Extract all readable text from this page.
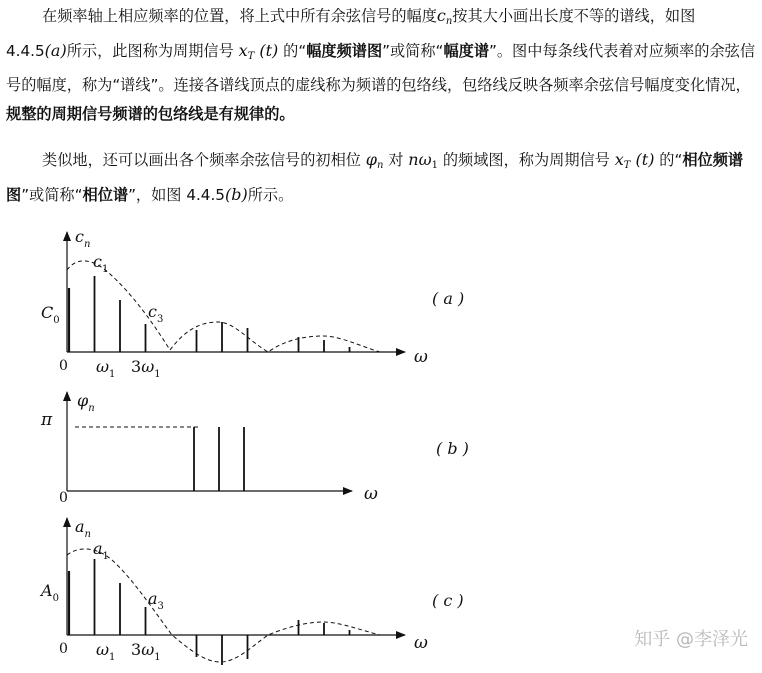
在频率轴上相应频率的位置，将上式中所有余弦信号的幅度$c_n$按其大小画出长度不等的谱线，如图 4.4.5(a)所示，此图称为周期信号 $x_T$ (t) 的“幅度频谱图”或简称“幅度谱”。图中每条线代表着对应频率的余弦信号的幅度，称为“谱线”。连接各谱线顶点的虚线称为频谱的包络线，包络线反映各频率余弦信号幅度变化情况，规整的周期信号频谱的包络线是有规律的。

类似地，还可以画出各个频率余弦信号的初相位 $\varphi_n$ 对 $n\omega_1$ 的频域图，称为周期信号 $x_T$ (t) 的“相位频谱图”或简称“相位谱”，如图 4.4.5(b)所示。

$c_n$
$c_1$
$c_3$
$C_0$
0 $\omega_1$ $3\omega_1$
ω
( a )
$\varphi_n$
π
0	ω
( b )
$a_n$
$a_1$
$a_3$
$A_0$
0 $\omega_1$ $3\omega_1$
ω
( c )
知乎 @李泽光
